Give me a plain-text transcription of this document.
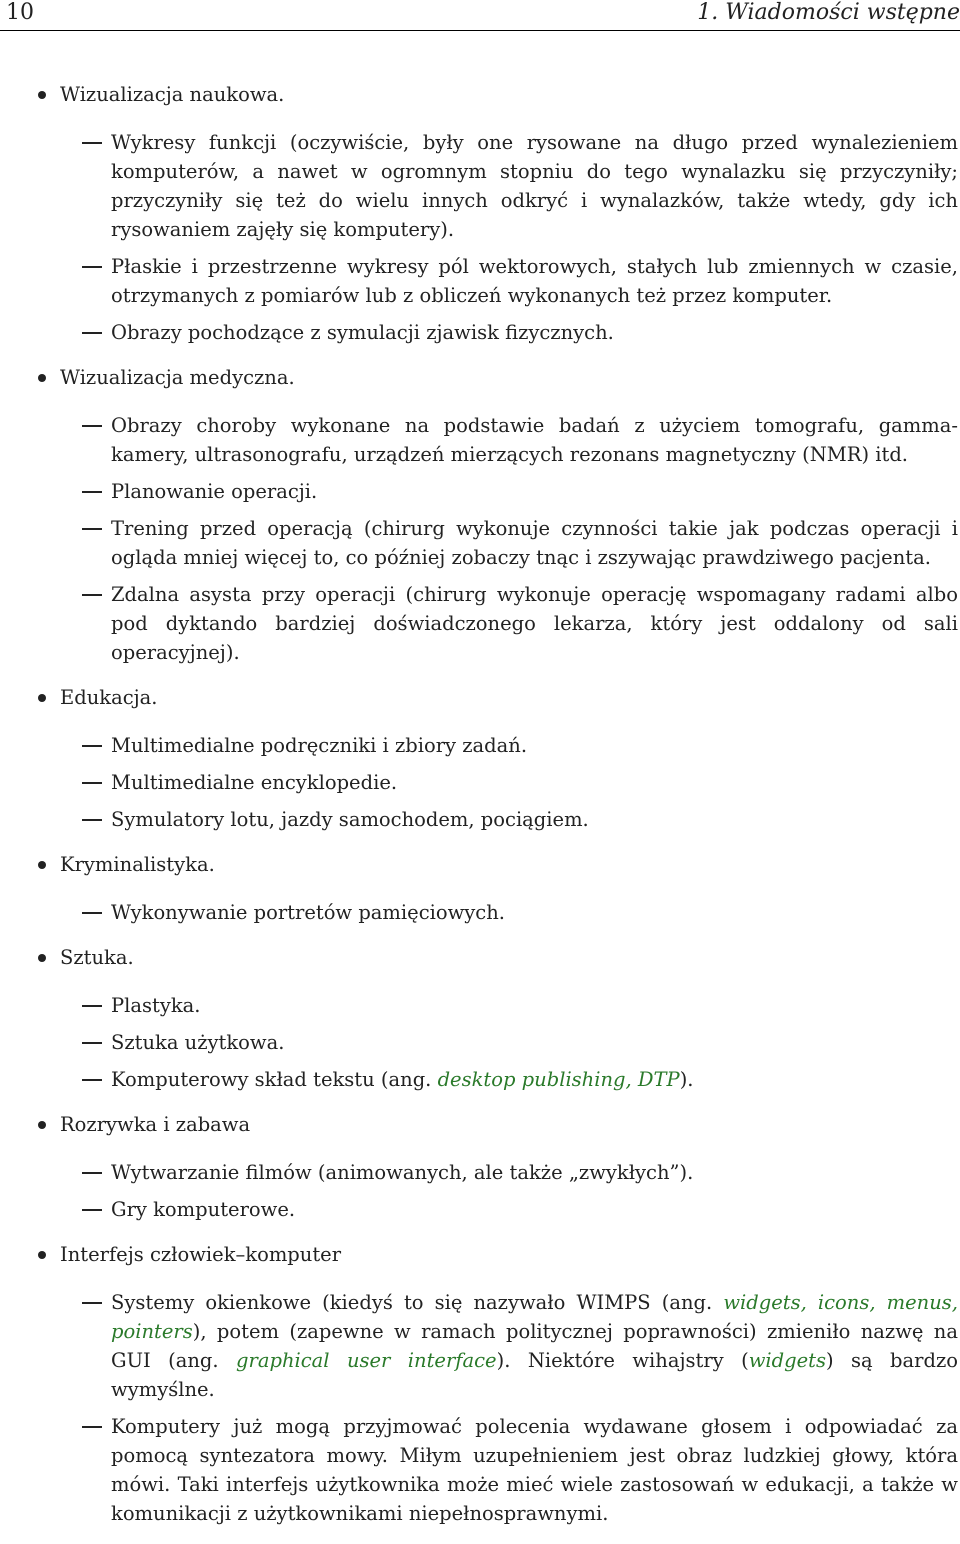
10	1. Wiadomości wstępne
Wizualizacja naukowa.
Wykresy funkcji (oczywiście, były one rysowane na długo przed wynalezieniem komputerów, a nawet w ogromnym stopniu do tego wynalazku się przyczyniły; przyczyniły się też do wielu innych odkryć i wynalazków, także wtedy, gdy ich rysowaniem zajęły się komputery).
Płaskie i przestrzenne wykresy pól wektorowych, stałych lub zmiennych w czasie, otrzymanych z pomiarów lub z obliczeń wykonanych też przez komputer.
Obrazy pochodzące z symulacji zjawisk fizycznych.
Wizualizacja medyczna.
Obrazy choroby wykonane na podstawie badań z użyciem tomografu, gamma-kamery, ultrasonografu, urządzeń mierzących rezonans magnetyczny (NMR) itd.
Planowanie operacji.
Trening przed operacją (chirurg wykonuje czynności takie jak podczas operacji i ogląda mniej więcej to, co później zobaczy tnąc i zszywając prawdziwego pacjenta.
Zdalna asysta przy operacji (chirurg wykonuje operację wspomagany radami albo pod dyktando bardziej doświadczonego lekarza, który jest oddalony od sali operacyjnej).
Edukacja.
Multimedialne podręczniki i zbiory zadań.
Multimedialne encyklopedie.
Symulatory lotu, jazdy samochodem, pociągiem.
Kryminalistyka.
Wykonywanie portretów pamięciowych.
Sztuka.
Plastyka.
Sztuka użytkowa.
Komputerowy skład tekstu (ang. desktop publishing, DTP).
Rozrywka i zabawa
Wytwarzanie filmów (animowanych, ale także „zwykłych”).
Gry komputerowe.
Interfejs człowiek–komputer
Systemy okienkowe (kiedyś to się nazywało WIMPS (ang. widgets, icons, menus, pointers), potem (zapewne w ramach politycznej poprawności) zmieniło nazwę na GUI (ang. graphical user interface). Niektóre wihajstry (widgets) są bardzo wymyślne.
Komputery już mogą przyjmować polecenia wydawane głosem i odpowiadać za pomocą syntezatora mowy. Miłym uzupełnieniem jest obraz ludzkiej głowy, która mówi. Taki interfejs użytkownika może mieć wiele zastosowań w edukacji, a także w komunikacji z użytkownikami niepełnosprawnymi.
